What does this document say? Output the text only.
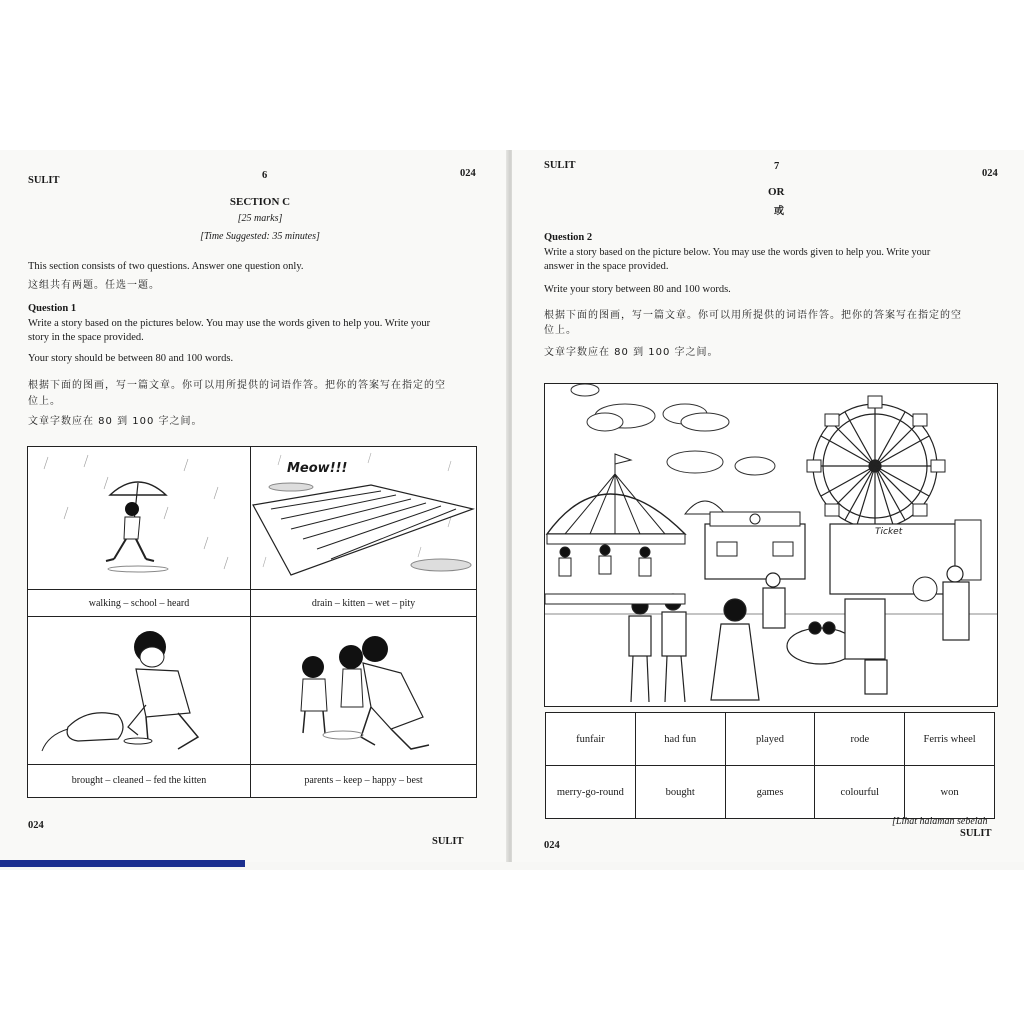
SULIT	6	024
SECTION C
[25 marks]
[Time Suggested: 35 minutes]
This section consists of two questions. Answer one question only.
这组共有两题。任选一题。
Question 1
Write a story based on the pictures below. You may use the words given to help you. Write your
story in the space provided.
Your story should be between 80 and 100 words.
根据下面的图画，写一篇文章。你可以用所提供的词语作答。把你的答案写在指定的空
位上。
文章字数应在 80 到 100 字之间。
Meow!!!
walking – school – heard	drain – kitten – wet – pity
brought – cleaned – fed the kitten	parents – keep – happy – best
024
SULIT
SULIT	7
024
OR
或
Question 2
Write a story based on the picture below. You may use the words given to help you. Write your
answer in the space provided.
Write your story between 80 and 100 words.
根据下面的图画，写一篇文章。你可以用所提供的词语作答。把你的答案写在指定的空
位上。
文章字数应在 80 到 100 字之间。
Ticket
funfair	had fun	played	rode	Ferris wheel
merry-go-round	bought	games	colourful	won
[Lihat halaman sebelah
SULIT
024
